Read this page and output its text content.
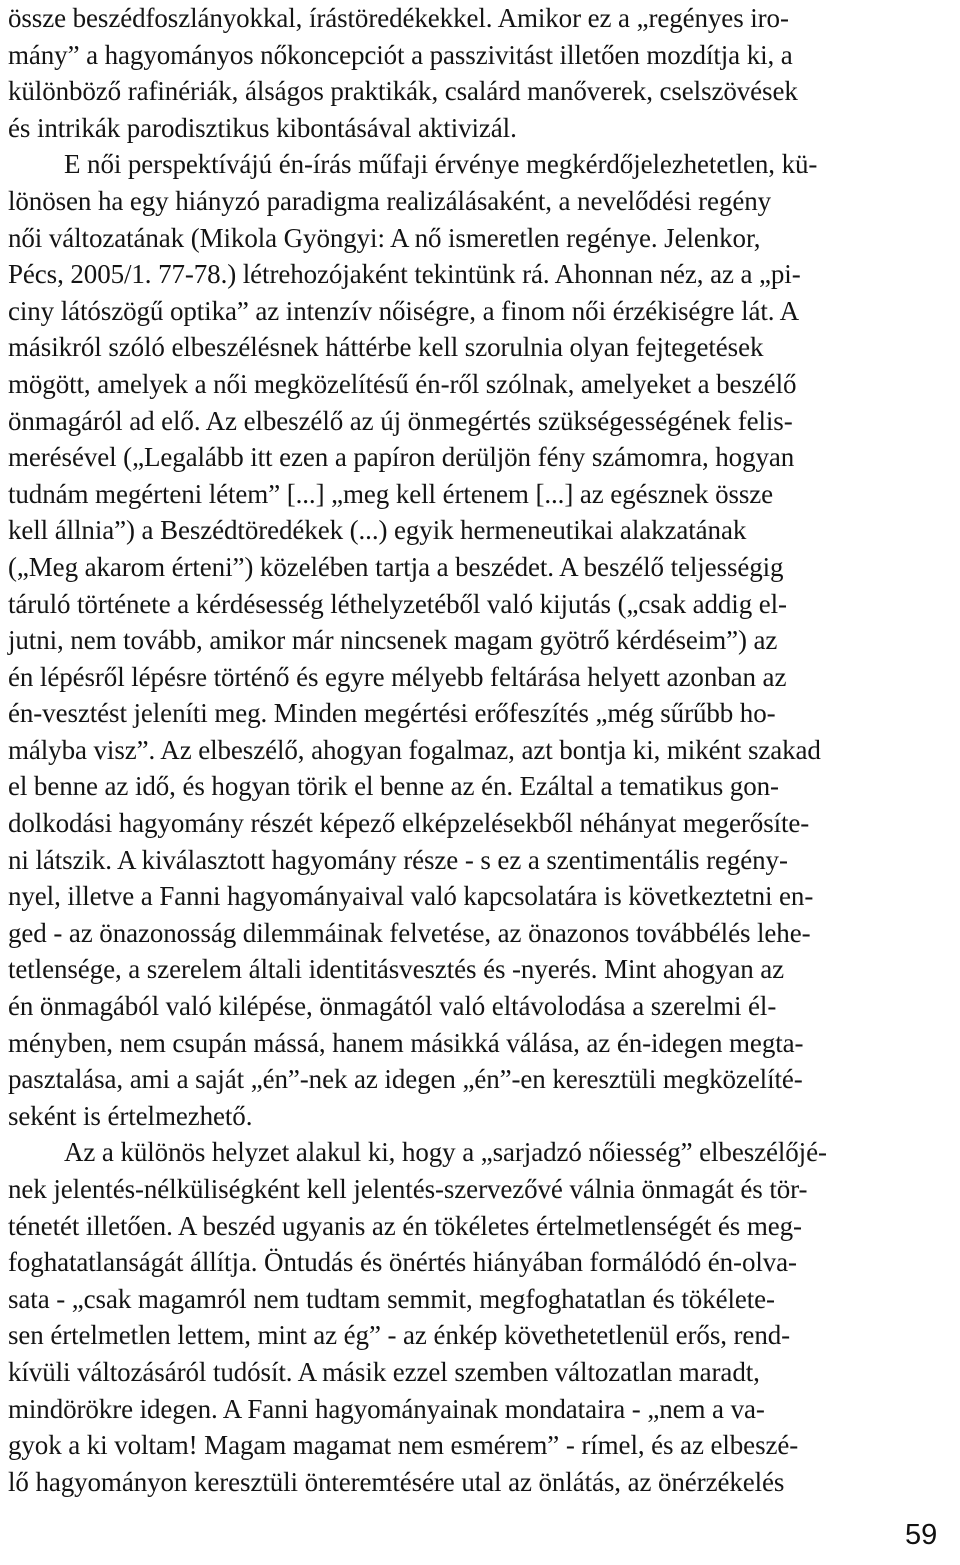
össze beszédfoszlányokkal, írástöredékekkel. Amikor ez a „regényes iro-
mány” a hagyományos nőkoncepciót a passzivitást illetően mozdítja ki, a
különböző rafinériák, álságos praktikák, csalárd manőverek, cselszövések
és intrikák parodisztikus kibontásával aktivizál.
E női perspektívájú én-írás műfaji érvénye megkérdőjelezhetetlen, kü-
lönösen ha egy hiányzó paradigma realizálásaként, a nevelődési regény
női változatának (Mikola Gyöngyi: A nő ismeretlen regénye. Jelenkor,
Pécs, 2005/1. 77-78.) létrehozójaként tekintünk rá. Ahonnan néz, az a „pi-
ciny látószögű optika” az intenzív nőiségre, a finom női érzékiségre lát. A
másikról szóló elbeszélésnek háttérbe kell szorulnia olyan fejtegetések
mögött, amelyek a női megközelítésű én-ről szólnak, amelyeket a beszélő
önmagáról ad elő. Az elbeszélő az új önmegértés szükségességének felis-
merésével („Legalább itt ezen a papíron derüljön fény számomra, hogyan
tudnám megérteni létem” [...] „meg kell értenem [...] az egésznek össze
kell állnia”) a Beszédtöredékek (...) egyik hermeneutikai alakzatának
(„Meg akarom érteni”) közelében tartja a beszédet. A beszélő teljességig
táruló története a kérdésesség léthelyzetéből való kijutás („csak addig el-
jutni, nem tovább, amikor már nincsenek magam gyötrő kérdéseim”) az
én lépésről lépésre történő és egyre mélyebb feltárása helyett azonban az
én-vesztést jeleníti meg. Minden megértési erőfeszítés „még sűrűbb ho-
mályba visz”. Az elbeszélő, ahogyan fogalmaz, azt bontja ki, miként szakad
el benne az idő, és hogyan törik el benne az én. Ezáltal a tematikus gon-
dolkodási hagyomány részét képező elképzelésekből néhányat megerősíte-
ni látszik. A kiválasztott hagyomány része - s ez a szentimentális regény-
nyel, illetve a Fanni hagyományaival való kapcsolatára is következtetni en-
ged - az önazonosság dilemmáinak felvetése, az önazonos továbbélés lehe-
tetlensége, a szerelem általi identitásvesztés és -nyerés. Mint ahogyan az
én önmagából való kilépése, önmagától való eltávolodása a szerelmi él-
ményben, nem csupán mássá, hanem másikká válása, az én-idegen megta-
pasztalása, ami a saját „én”-nek az idegen „én”-en keresztüli megközelíté-
seként is értelmezhető.
Az a különös helyzet alakul ki, hogy a „sarjadzó nőiesség” elbeszélőjé-
nek jelentés-nélküliségként kell jelentés-szervezővé válnia önmagát és tör-
ténetét illetően. A beszéd ugyanis az én tökéletes értelmetlenségét és meg-
foghatatlanságát állítja. Öntudás és önértés hiányában formálódó én-olva-
sata - „csak magamról nem tudtam semmit, megfoghatatlan és tökélete-
sen értelmetlen lettem, mint az ég” - az énkép követhetetlenül erős, rend-
kívüli változásáról tudósít. A másik ezzel szemben változatlan maradt,
mindörökre idegen. A Fanni hagyományainak mondataira - „nem a va-
gyok a ki voltam! Magam magamat nem esmérem” - rímel, és az elbeszé-
lő hagyományon keresztüli önteremtésére utal az önlátás, az önérzékelés
59
